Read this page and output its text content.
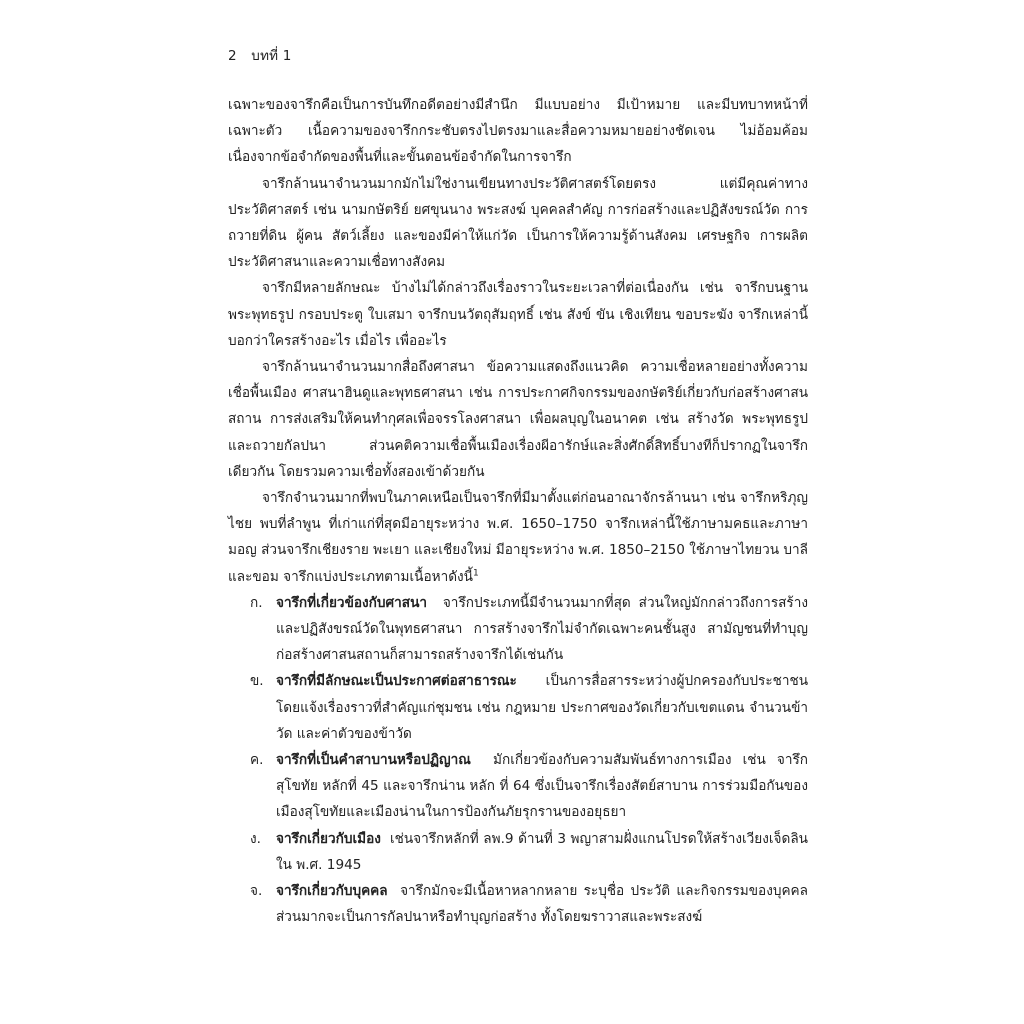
2 บทที่ 1

เฉพาะของจารึกคือเป็นการบันทึกอดีตอย่างมีสำนึก มีแบบอย่าง มีเป้าหมาย และมีบทบาทหน้าที่เฉพาะตัว เนื้อความของจารึกกระชับตรงไปตรงมาและสื่อความหมายอย่างชัดเจน ไม่อ้อมค้อม เนื่องจากข้อจำกัดของพื้นที่และขั้นตอนข้อจำกัดในการจารึก

จารึกล้านนาจำนวนมากมักไม่ใช่งานเขียนทางประวัติศาสตร์โดยตรง แต่มีคุณค่าทางประวัติศาสตร์ เช่น นามกษัตริย์ ยศขุนนาง พระสงฆ์ บุคคลสำคัญ การก่อสร้างและปฏิสังขรณ์วัด การถวายที่ดิน ผู้คน สัตว์เลี้ยง และของมีค่าให้แก่วัด เป็นการให้ความรู้ด้านสังคม เศรษฐกิจ การผลิต ประวัติศาสนาและความเชื่อทางสังคม

จารึกมีหลายลักษณะ บ้างไม่ได้กล่าวถึงเรื่องราวในระยะเวลาที่ต่อเนื่องกัน เช่น จารึกบนฐานพระพุทธรูป กรอบประตู ใบเสมา จารึกบนวัตถุสัมฤทธิ์ เช่น สังข์ ขัน เชิงเทียน ขอบระฆัง จารึกเหล่านี้บอกว่าใครสร้างอะไร เมื่อไร เพื่ออะไร

จารึกล้านนาจำนวนมากสื่อถึงศาสนา ข้อความแสดงถึงแนวคิด ความเชื่อหลายอย่างทั้งความเชื่อพื้นเมือง ศาสนาฮินดูและพุทธศาสนา เช่น การประกาศกิจกรรมของกษัตริย์เกี่ยวกับก่อสร้างศาสนสถาน การส่งเสริมให้คนทำกุศลเพื่อจรรโลงศาสนา เพื่อผลบุญในอนาคต เช่น สร้างวัด พระพุทธรูปและถวายกัลปนา ส่วนคติความเชื่อพื้นเมืองเรื่องผีอารักษ์และสิ่งศักดิ์สิทธิ์บางทีก็ปรากฏในจารึกเดียวกัน โดยรวมความเชื่อทั้งสองเข้าด้วยกัน

จารึกจำนวนมากที่พบในภาคเหนือเป็นจารึกที่มีมาตั้งแต่ก่อนอาณาจักรล้านนา เช่น จารึกหริภุญไชย พบที่ลำพูน ที่เก่าแก่ที่สุดมีอายุระหว่าง พ.ศ. 1650–1750 จารึกเหล่านี้ใช้ภาษามคธและภาษามอญ ส่วนจารึกเชียงราย พะเยา และเชียงใหม่ มีอายุระหว่าง พ.ศ. 1850–2150 ใช้ภาษาไทยวน บาลี และขอม จารึกแบ่งประเภทตามเนื้อหาดังนี้$^1$

ก. จารึกที่เกี่ยวข้องกับศาสนา จารึกประเภทนี้มีจำนวนมากที่สุด ส่วนใหญ่มักกล่าวถึงการสร้างและปฏิสังขรณ์วัดในพุทธศาสนา การสร้างจารึกไม่จำกัดเฉพาะคนชั้นสูง สามัญชนที่ทำบุญก่อสร้างศาสนสถานก็สามารถสร้างจารึกได้เช่นกัน
ข. จารึกที่มีลักษณะเป็นประกาศต่อสาธารณะ เป็นการสื่อสารระหว่างผู้ปกครองกับประชาชน โดยแจ้งเรื่องราวที่สำคัญแก่ชุมชน เช่น กฎหมาย ประกาศของวัดเกี่ยวกับเขตแดน จำนวนข้าวัด และค่าตัวของข้าวัด
ค. จารึกที่เป็นคำสาบานหรือปฏิญาณ มักเกี่ยวข้องกับความสัมพันธ์ทางการเมือง เช่น จารึกสุโขทัย หลักที่ 45 และจารึกน่าน หลัก ที่ 64 ซึ่งเป็นจารึกเรื่องสัตย์สาบาน การร่วมมือกันของเมืองสุโขทัยและเมืองน่านในการป้องกันภัยรุกรานของอยุธยา
ง. จารึกเกี่ยวกับเมือง เช่นจารึกหลักที่ ลพ.9 ด้านที่ 3 พญาสามฝั่งแกนโปรดให้สร้างเวียงเจ็ดลิน ใน พ.ศ. 1945
จ. จารึกเกี่ยวกับบุคคล จารึกมักจะมีเนื้อหาหลากหลาย ระบุชื่อ ประวัติ และกิจกรรมของบุคคล ส่วนมากจะเป็นการกัลปนาหรือทำบุญก่อสร้าง ทั้งโดยฆราวาสและพระสงฆ์
